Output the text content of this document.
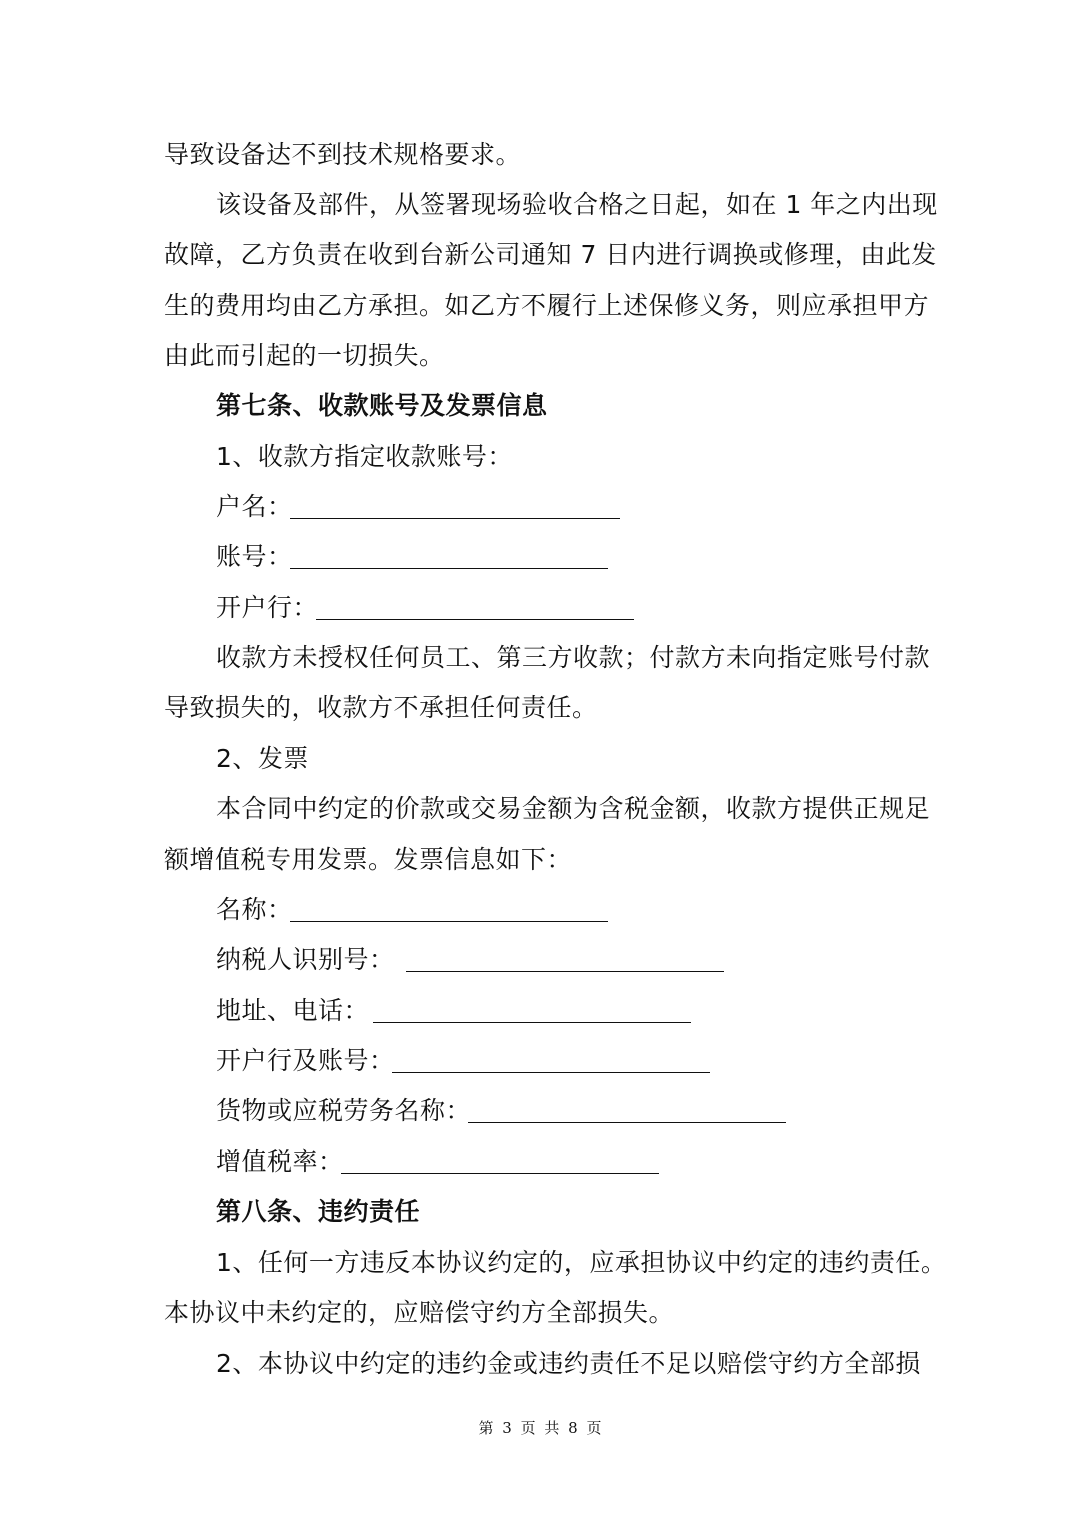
导致设备达不到技术规格要求。
该设备及部件，从签署现场验收合格之日起，如在 1 年之内出现
故障，乙方负责在收到台新公司通知 7 日内进行调换或修理，由此发
生的费用均由乙方承担。如乙方不履行上述保修义务，则应承担甲方
由此而引起的一切损失。
第七条、收款账号及发票信息
1、收款方指定收款账号：
户名：
账号：
开户行：
收款方未授权任何员工、第三方收款；付款方未向指定账号付款
导致损失的，收款方不承担任何责任。
2、发票
本合同中约定的价款或交易金额为含税金额，收款方提供正规足
额增值税专用发票。发票信息如下：
名称：
纳税人识别号：
地址、电话：
开户行及账号：
货物或应税劳务名称：
增值税率：
第八条、违约责任
1、任何一方违反本协议约定的，应承担协议中约定的违约责任。
本协议中未约定的，应赔偿守约方全部损失。
2、本协议中约定的违约金或违约责任不足以赔偿守约方全部损
第 3 页 共 8 页
